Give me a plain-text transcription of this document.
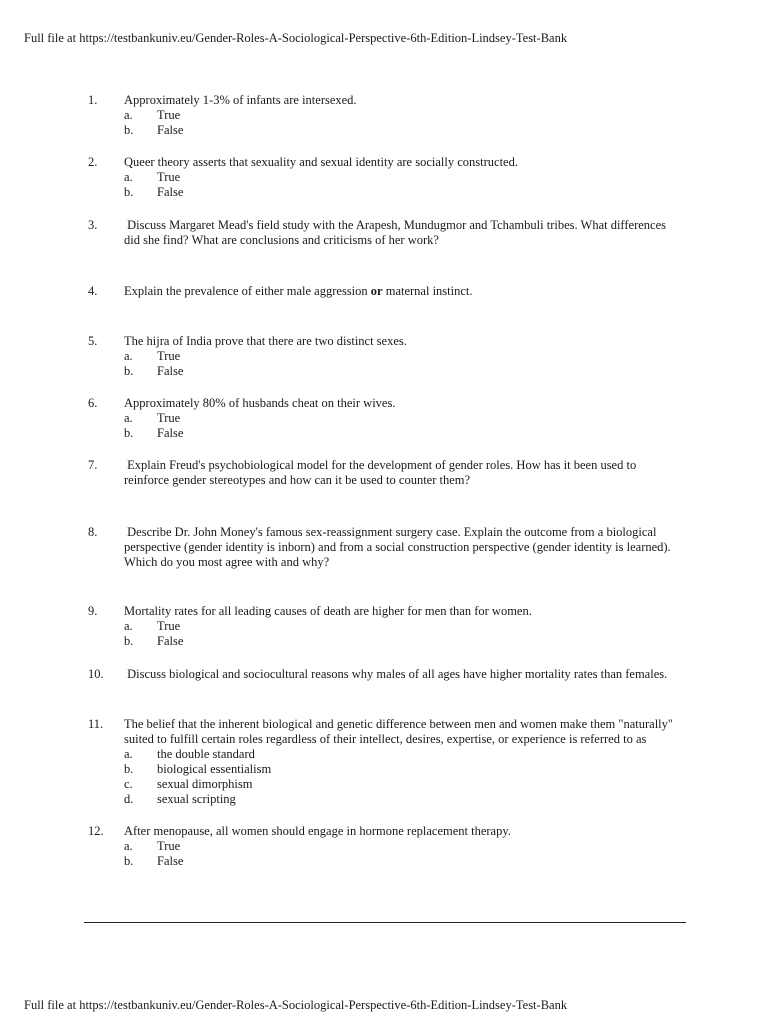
Full file at https://testbankuniv.eu/Gender-Roles-A-Sociological-Perspective-6th-Edition-Lindsey-Test-Bank
1.	Approximately 1-3% of infants are intersexed.
a. True
b. False
2.	Queer theory asserts that sexuality and sexual identity are socially constructed.
a. True
b. False
3.	Discuss Margaret Mead's field study with the Arapesh, Mundugmor and Tchambuli tribes. What differences
did she find? What are conclusions and criticisms of her work?
4.	Explain the prevalence of either male aggression or maternal instinct.
5.	The hijra of India prove that there are two distinct sexes.
a. True
b. False
6.	Approximately 80% of husbands cheat on their wives.
a. True
b. False
7.	Explain Freud's psychobiological model for the development of gender roles. How has it been used to
reinforce gender stereotypes and how can it be used to counter them?
8.	Describe Dr. John Money's famous sex-reassignment surgery case. Explain the outcome from a biological
perspective (gender identity is inborn) and from a social construction perspective (gender identity is learned).
Which do you most agree with and why?
9.	Mortality rates for all leading causes of death are higher for men than for women.
a. True
b. False
10.	Discuss biological and sociocultural reasons why males of all ages have higher mortality rates than females.
11.	The belief that the inherent biological and genetic difference between men and women make them "naturally"
suited to fulfill certain roles regardless of their intellect, desires, expertise, or experience is referred to as
a. the double standard
b. biological essentialism
c. sexual dimorphism
d. sexual scripting
12.	After menopause, all women should engage in hormone replacement therapy.
a. True
b. False
Full file at https://testbankuniv.eu/Gender-Roles-A-Sociological-Perspective-6th-Edition-Lindsey-Test-Bank
